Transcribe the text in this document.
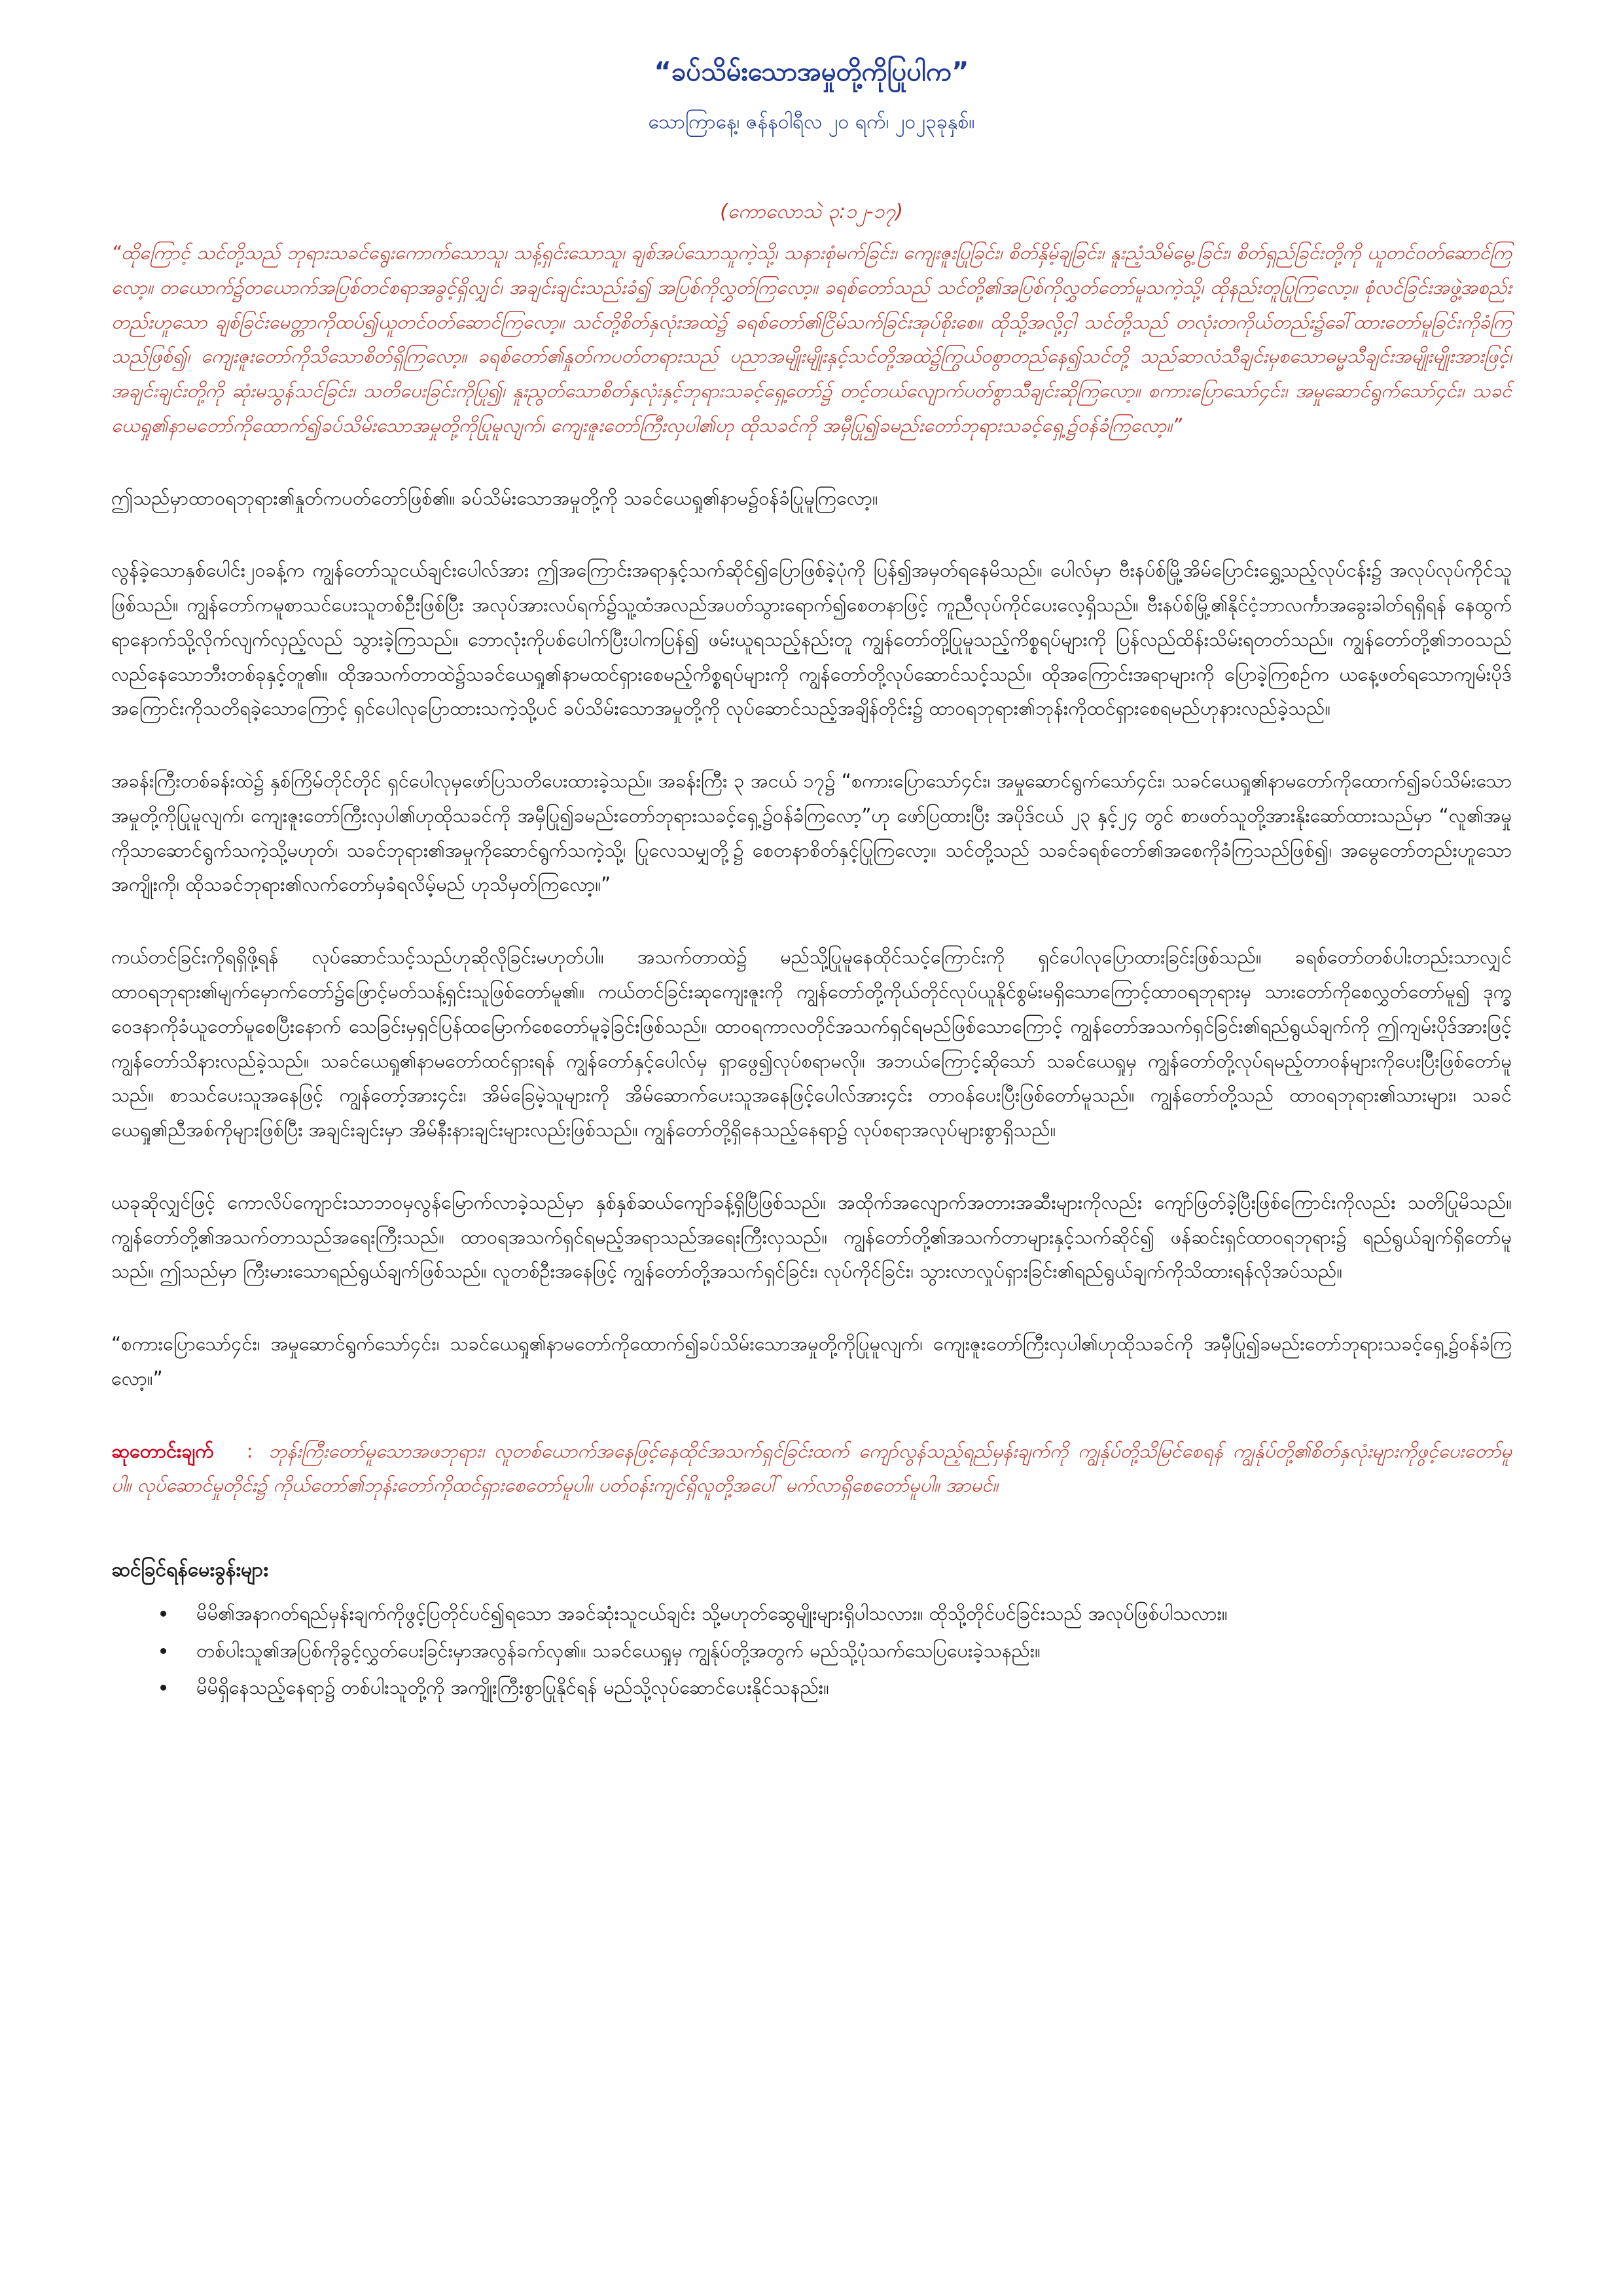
“ခပ်သိမ်းသောအမှုတို့ကိုပြုပါက”

သောကြာနေ့၊ ဇန်နဝါရီလ ၂၀ ရက်၊ ၂၀၂၃ခုနှစ်။

(ကောလောသဲ ၃:၁၂-၁၇)

“ထိုကြောင့် သင်တို့သည် ဘုရားသခင်ရွေးကောက်သောသူ၊ သန့်ရှင်းသောသူ၊ ချစ်အပ်သောသူကဲ့သို့၊ သနားစုံမက်ခြင်း၊ ကျေးဇူးပြုခြင်း၊ စိတ်နှိမ့်ချခြင်း၊ နူးညံ့သိမ်မွေ့ခြင်း၊ စိတ်ရှည်ခြင်းတို့ကို ယူတင်ဝတ်ဆောင်ကြလော့။ တယောက်၌တယောက်အပြစ်တင်စရာအခွင့်ရှိလျှင်၊ အချင်းချင်းသည်းခံ၍ အပြစ်ကိုလွှတ်ကြလော့။ ခရစ်တော်သည် သင်တို့၏အပြစ်ကိုလွှတ်တော်မူသကဲ့သို့၊ ထိုနည်းတူပြုကြလော့။ စုံလင်ခြင်းအဖွဲ့အစည်းတည်းဟူသော ချစ်ခြင်းမေတ္တာကိုထပ်၍ယူတင်ဝတ်ဆောင်ကြလော့။ သင်တို့စိတ်နှလုံးအထဲ၌ ခရစ်တော်၏ငြိမ်သက်ခြင်းအုပ်စိုးစေ။ ထိုသို့အလို့ငှါ သင်တို့သည် တလုံးတကိုယ်တည်း၌ခေါ်ထားတော်မူခြင်းကိုခံကြသည်ဖြစ်၍၊ ကျေးဇူးတော်ကိုသိသောစိတ်ရှိကြလော့။ ခရစ်တော်၏နှုတ်ကပတ်တရားသည် ပညာအမျိုးမျိုးနှင့်သင်တို့အထဲ၌ကြွယ်ဝစွာတည်နေ၍သင်တို့ သည်ဆာလံသီချင်းမှစသောဓမ္မသီချင်းအမျိုးမျိုးအားဖြင့်၊ အချင်းချင်းတို့ကို ဆုံးမသွန်သင်ခြင်း၊ သတိပေးခြင်းကိုပြု၍၊ နူးညွတ်သောစိတ်နှလုံးနှင့်ဘုရားသခင့်ရှေ့တော်၌ တင့်တယ်လျောက်ပတ်စွာသီချင်းဆိုကြလော့။ စကားပြောသော်၄င်း၊ အမှုဆောင်ရွက်သော်၄င်း၊ သခင်ယေရှု၏နာမတော်ကိုထောက်၍ခပ်သိမ်းသောအမှုတို့ကိုပြုမူလျက်၊ ကျေးဇူးတော်ကြီးလှပါ၏ဟု ထိုသခင်ကို အမှီပြု၍ခမည်းတော်ဘုရားသခင့်ရှေ့၌ဝန်ခံကြလော့။”

ဤသည်မှာထာဝရဘုရား၏နှုတ်ကပတ်တော်ဖြစ်၏။ ခပ်သိမ်းသောအမှုတို့ကို သခင်ယေရှု၏နာမ၌ဝန်ခံပြုမူကြလော့။

လွန်ခဲ့သောနှစ်ပေါင်း၂၀ခန့်က ကျွန်တော်သူငယ်ချင်းပေါလ်အား ဤအကြောင်းအရာနှင့်သက်ဆိုင်၍ပြောဖြစ်ခဲ့ပုံကို ပြန်၍အမှတ်ရနေမိသည်။ ပေါလ်မှာ ဗီးနပ်စ်မြို့အိမ်ပြောင်းရွှေ့သည့်လုပ်ငန်း၌ အလုပ်လုပ်ကိုင်သူဖြစ်သည်။ ကျွန်တော်ကမူစာသင်ပေးသူတစ်ဦးဖြစ်ပြီး အလုပ်အားလပ်ရက်၌သူ့ထံအလည်အပတ်သွားရောက်၍စေတနာဖြင့် ကူညီလုပ်ကိုင်ပေးလေ့ရှိသည်။ ဗီးနပ်စ်မြို့၏နိုင်ငံ့ဘာလင်္ကာအခွေးခါတ်ရရှိရန် နေထွက်ရာနောက်သို့လိုက်လျက်လှည့်လည် သွားခဲ့ကြသည်။ ဘောလုံးကိုပစ်ပေါက်ပြီးပါကပြန်၍ ဖမ်းယူရသည့်နည်းတူ ကျွန်တော်တို့ပြုမူသည့်ကိစ္စရပ်များကို ပြန်လည်ထိန်းသိမ်းရတတ်သည်။ ကျွန်တော်တို့၏ဘဝသည် လည်နေသောဘီးတစ်ခုနှင့်တူ၏။ ထိုအသက်တာထဲ၌သခင်ယေရှု၏နာမထင်ရှားစေမည့်ကိစ္စရပ်များကို ကျွန်တော်တို့လုပ်ဆောင်သင့်သည်။ ထိုအကြောင်းအရာများကို ပြောခဲ့ကြစဉ်က ယနေ့ဖတ်ရသောကျမ်းပိုဒ်အကြောင်းကိုသတိရခဲ့သောကြောင့် ရှင်ပေါလုပြောထားသကဲ့သို့ပင် ခပ်သိမ်းသောအမှုတို့ကို လုပ်ဆောင်သည့်အချိန်တိုင်း၌ ထာဝရဘုရား၏ဘုန်းကိုထင်ရှားစေရမည်ဟုနားလည်ခဲ့သည်။

အခန်းကြီးတစ်ခန်းထဲ၌ နှစ်ကြိမ်တိုင်တိုင် ရှင်ပေါလုမှဖော်ပြသတိပေးထားခဲ့သည်။ အခန်းကြီး ၃ အငယ် ၁၇၌ “စကားပြောသော်၄င်း၊ အမှုဆောင်ရွက်သော်၄င်း၊ သခင်ယေရှု၏နာမတော်ကိုထောက်၍ခပ်သိမ်းသောအမှုတို့ကိုပြုမူလျက်၊ ကျေးဇူးတော်ကြီးလှပါ၏ဟုထိုသခင်ကို အမှီပြု၍ခမည်းတော်ဘုရားသခင့်ရှေ့၌ဝန်ခံကြလော့”ဟု ဖော်ပြထားပြီး အပိုဒ်ငယ် ၂၃ နှင့်၂၄ တွင် စာဖတ်သူတို့အားနိုးဆော်ထားသည်မှာ “လူ၏အမှုကိုသာဆောင်ရွက်သကဲ့သို့မဟုတ်၊ သခင်ဘုရား၏အမှုကိုဆောင်ရွက်သကဲ့သို့၊ ပြုလေသမျှတို့၌ စေတနာစိတ်နှင့်ပြုကြလော့။ သင်တို့သည် သခင်ခရစ်တော်၏အစေကိုခံကြသည်ဖြစ်၍၊ အမွေတော်တည်းဟူသောအကျိုးကို၊ ထိုသခင်ဘုရား၏လက်တော်မှခံရလိမ့်မည် ဟုသိမှတ်ကြလော့။”

ကယ်တင်ခြင်းကိုရရှိဖို့ရန် လုပ်ဆောင်သင့်သည်ဟုဆိုလိုခြင်းမဟုတ်ပါ။ အသက်တာထဲ၌ မည်သို့ပြုမူနေထိုင်သင့်ကြောင်းကို ရှင်ပေါလုပြောထားခြင်းဖြစ်သည်။ ခရစ်တော်တစ်ပါးတည်းသာလျှင် ထာဝရဘုရား၏မျက်မှောက်တော်၌ဖြောင့်မတ်သန့်ရှင်းသူဖြစ်တော်မူ၏။ ကယ်တင်ခြင်းဆုကျေးဇူးကို ကျွန်တော်တို့ကိုယ်တိုင်လုပ်ယူနိုင်စွမ်းမရှိသောကြောင့်ထာဝရဘုရားမှ သားတော်ကိုစေလွှတ်တော်မူ၍ ဒုက္ခဝေဒနာကိုခံယူတော်မူစေပြီးနောက် သေခြင်းမှရှင်ပြန်ထမြောက်စေတော်မူခဲ့ခြင်းဖြစ်သည်။ ထာဝရကာလတိုင်အသက်ရှင်ရမည်ဖြစ်သောကြောင့် ကျွန်တော်အသက်ရှင်ခြင်း၏ရည်ရွယ်ချက်ကို ဤကျမ်းပိုဒ်အားဖြင့် ကျွန်တော်သိနားလည်ခဲ့သည်။ သခင်ယေရှု၏နာမတော်ထင်ရှားရန် ကျွန်တော်နှင့်ပေါလ်မှ ရှာဖွေ၍လုပ်စရာမလို။ အဘယ်ကြောင့်ဆိုသော် သခင်ယေရှုမှ ကျွန်တော်တို့လုပ်ရမည့်တာဝန်များကိုပေးပြီးဖြစ်တော်မူသည်။ စာသင်ပေးသူအနေဖြင့် ကျွန်တော့်အား၄င်း၊ အိမ်ခြေမဲ့သူများကို အိမ်ဆောက်ပေးသူအနေဖြင့်ပေါလ်အား၄င်း တာဝန်ပေးပြီးဖြစ်တော်မူသည်။ ကျွန်တော်တို့သည် ထာဝရဘုရား၏သားများ၊ သခင်ယေရှု၏ညီအစ်ကိုများဖြစ်ပြီး အချင်းချင်းမှာ အိမ်နီးနားချင်းများလည်းဖြစ်သည်။ ကျွန်တော်တို့ရှိနေသည့်နေရာ၌ လုပ်စရာအလုပ်များစွာရှိသည်။

ယခုဆိုလျှင်ဖြင့် ကောလိပ်ကျောင်းသာဘဝမှလွန်မြောက်လာခဲ့သည်မှာ နှစ်နှစ်ဆယ်ကျော်ခန့်ရှိပြီဖြစ်သည်။ အထိုက်အလျောက်အတားအဆီးများကိုလည်း ကျော်ဖြတ်ခဲ့ပြီးဖြစ်ကြောင်းကိုလည်း သတိပြုမိသည်။ ကျွန်တော်တို့၏အသက်တာသည်အရေးကြီးသည်။ ထာဝရအသက်ရှင်ရမည့်အရာသည်အရေးကြီးလှသည်။ ကျွန်တော်တို့၏အသက်တာများနှင့်သက်ဆိုင်၍ ဖန်ဆင်းရှင်ထာဝရဘုရား၌ ရည်ရွယ်ချက်ရှိတော်မူသည်။ ဤသည်မှာ ကြီးမားသောရည်ရွယ်ချက်ဖြစ်သည်။ လူတစ်ဦးအနေဖြင့် ကျွန်တော်တို့အသက်ရှင်ခြင်း၊ လုပ်ကိုင်ခြင်း၊ သွားလာလှုပ်ရှားခြင်း၏ရည်ရွယ်ချက်ကိုသိထားရန်လိုအပ်သည်။

“စကားပြောသော်၄င်း၊ အမှုဆောင်ရွက်သော်၄င်း၊ သခင်ယေရှု၏နာမတော်ကိုထောက်၍ခပ်သိမ်းသောအမှုတို့ကိုပြုမူလျက်၊ ကျေးဇူးတော်ကြီးလှပါ၏ဟုထိုသခင်ကို အမှီပြု၍ခမည်းတော်ဘုရားသခင့်ရှေ့၌ဝန်ခံကြလော့။”

ဆုတောင်းချက် : ဘုန်းကြီးတော်မူသောအဖဘုရား၊ လူတစ်ယောက်အနေဖြင့်နေထိုင်အသက်ရှင်ခြင်းထက် ကျော်လွန်သည့်ရည်မှန်းချက်ကို ကျွန်ုပ်တို့သိမြင်စေရန် ကျွန်ုပ်တို့၏စိတ်နှလုံးများကိုဖွင့်ပေးတော်မူပါ။ လုပ်ဆောင်မှုတိုင်း၌ ကိုယ်တော်၏ဘုန်းတော်ကိုထင်ရှားစေတော်မူပါ။ ပတ်ဝန်းကျင်ရှိလူတို့အပေါ် မက်လာရှိစေတော်မူပါ။ အာမင်။

ဆင်ခြင်ရန်မေးခွန်းများ
• မိမိ၏အနာဂတ်ရည်မှန်းချက်ကိုဖွင့်ပြတိုင်ပင်၍ရသော အခင်ဆုံးသူငယ်ချင်း သို့မဟုတ်ဆွေမျိုးများရှိပါသလား။ ထိုသို့တိုင်ပင်ခြင်းသည် အလုပ်ဖြစ်ပါသလား။
• တစ်ပါးသူ၏အပြစ်ကိုခွင့်လွှတ်ပေးခြင်းမှာအလွန်ခက်လှ၏။ သခင်ယေရှုမှ ကျွန်ုပ်တို့အတွက် မည်သို့ပုံသက်သေပြပေးခဲ့သနည်း။
• မိမိရှိနေသည့်နေရာ၌ တစ်ပါးသူတို့ကို အကျိုးကြီးစွာပြုနိုင်ရန် မည်သို့လုပ်ဆောင်ပေးနိုင်သနည်း။
